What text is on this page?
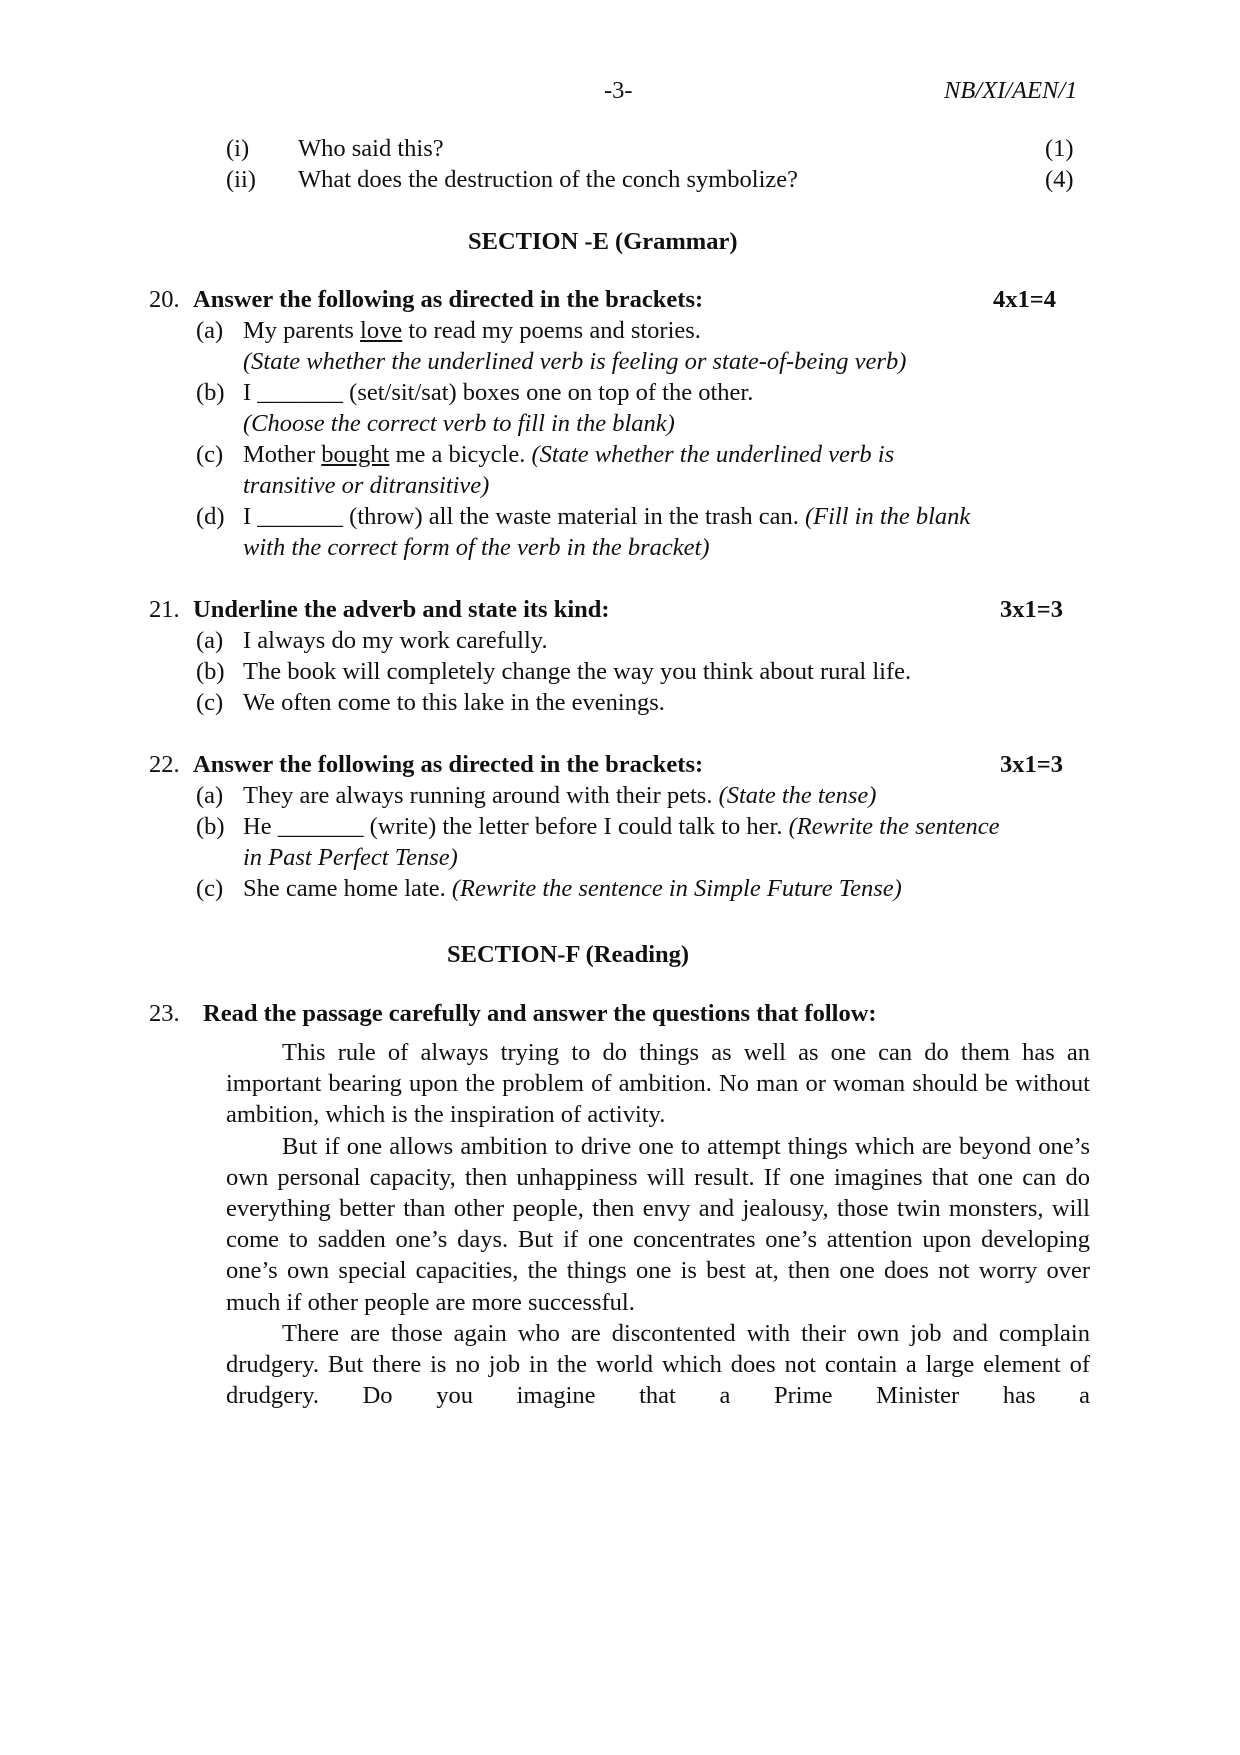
-3-	NB/XI/AEN/1
(i) Who said this?	(1)
(ii) What does the destruction of the conch symbolize?	(4)
SECTION -E (Grammar)
20. Answer the following as directed in the brackets:	4x1=4
(a) My parents love to read my poems and stories.
(State whether the underlined verb is feeling or state-of-being verb)
(b) I _______ (set/sit/sat) boxes one on top of the other.
(Choose the correct verb to fill in the blank)
(c) Mother bought me a bicycle. (State whether the underlined verb is
transitive or ditransitive)
(d) I _______ (throw) all the waste material in the trash can. (Fill in the blank
with the correct form of the verb in the bracket)
21. Underline the adverb and state its kind:	3x1=3
(a) I always do my work carefully.
(b) The book will completely change the way you think about rural life.
(c) We often come to this lake in the evenings.
22. Answer the following as directed in the brackets:	3x1=3
(a) They are always running around with their pets. (State the tense)
(b) He _______ (write) the letter before I could talk to her. (Rewrite the sentence
in Past Perfect Tense)
(c) She came home late. (Rewrite the sentence in Simple Future Tense)
SECTION-F (Reading)
23. Read the passage carefully and answer the questions that follow:

This rule of always trying to do things as well as one can do them has an important bearing upon the problem of ambition. No man or woman should be without ambition, which is the inspiration of activity.

But if one allows ambition to drive one to attempt things which are beyond one’s own personal capacity, then unhappiness will result. If one imagines that one can do everything better than other people, then envy and jealousy, those twin monsters, will come to sadden one’s days. But if one concentrates one’s attention upon developing one’s own special capacities, the things one is best at, then one does not worry over much if other people are more successful.

There are those again who are discontented with their own job and complain drudgery. But there is no job in the world which does not contain a large element of drudgery. Do you imagine that a Prime Minister has a
